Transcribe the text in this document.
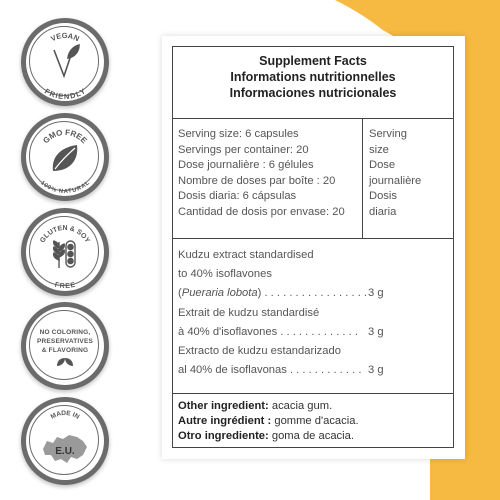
VEGAN
FRIENDLY
GMO FREE
100% NATURAL
GLUTEN & SOY
FREE
NO COLORING,
PRESERVATIVES
& FLAVORING
MADE IN
E.U.
Supplement Facts
Informations nutritionnelles
Informaciones nutricionales
Serving size: 6 capsules
Servings per container: 20
Dose journalière : 6 gélules
Nombre de doses par boîte : 20
Dosis diaria: 6 cápsulas
Cantidad de dosis por envase: 20
Serving
size
Dose
journalière
Dosis
diaria
Kudzu extract standardised
to 40% isoflavones
(Pueraria lobota) . . . . . . . . . . . . . . . . . 3 g
Extrait de kudzu standardisé
à 40% d'isoflavones . . . . . . . . . . . . . 3 g
Extracto de kudzu estandarizado
al 40% de isoflavonas . . . . . . . . . . . . 3 g
Other ingredient: acacia gum.
Autre ingrédient : gomme d'acacia.
Otro ingrediente: goma de acacia.
